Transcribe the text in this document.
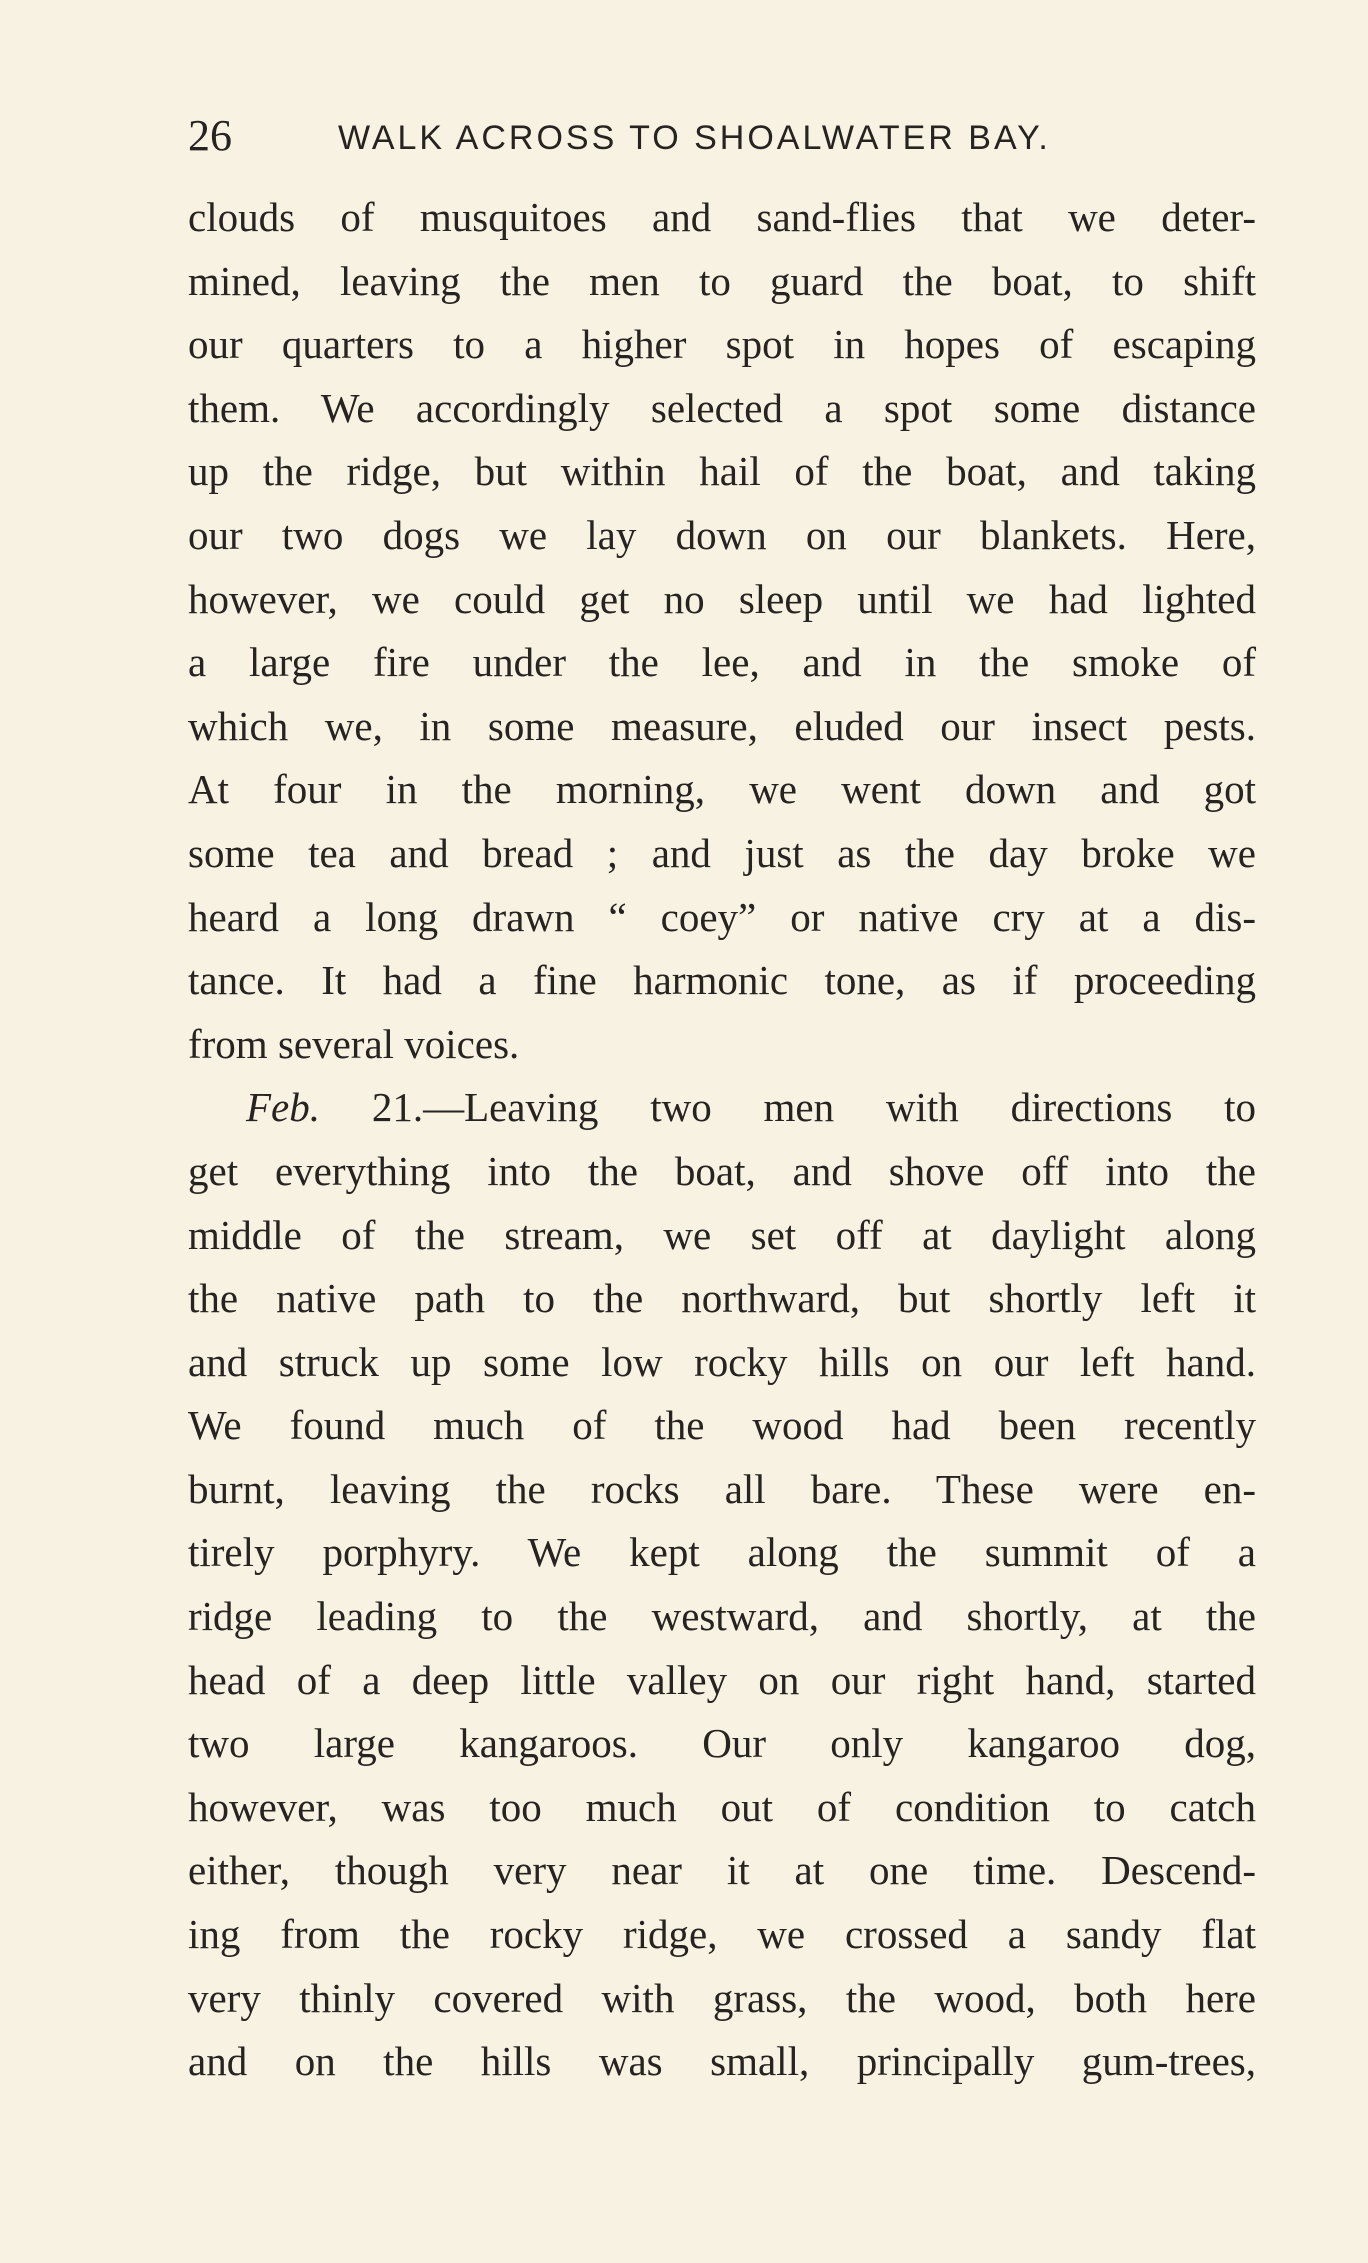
26	WALK ACROSS TO SHOALWATER BAY.
clouds of musquitoes and sand-flies that we deter-
mined, leaving the men to guard the boat, to shift
our quarters to a higher spot in hopes of escaping
them. We accordingly selected a spot some distance
up the ridge, but within hail of the boat, and taking
our two dogs we lay down on our blankets. Here,
however, we could get no sleep until we had lighted
a large fire under the lee, and in the smoke of
which we, in some measure, eluded our insect pests.
At four in the morning, we went down and got
some tea and bread ; and just as the day broke we
heard a long drawn “ coey” or native cry at a dis-
tance. It had a fine harmonic tone, as if proceeding
from several voices.
Feb. 21.—Leaving two men with directions to
get everything into the boat, and shove off into the
middle of the stream, we set off at daylight along
the native path to the northward, but shortly left it
and struck up some low rocky hills on our left hand.
We found much of the wood had been recently
burnt, leaving the rocks all bare. These were en-
tirely porphyry. We kept along the summit of a
ridge leading to the westward, and shortly, at the
head of a deep little valley on our right hand, started
two large kangaroos. Our only kangaroo dog,
however, was too much out of condition to catch
either, though very near it at one time. Descend-
ing from the rocky ridge, we crossed a sandy flat
very thinly covered with grass, the wood, both here
and on the hills was small, principally gum-trees,
